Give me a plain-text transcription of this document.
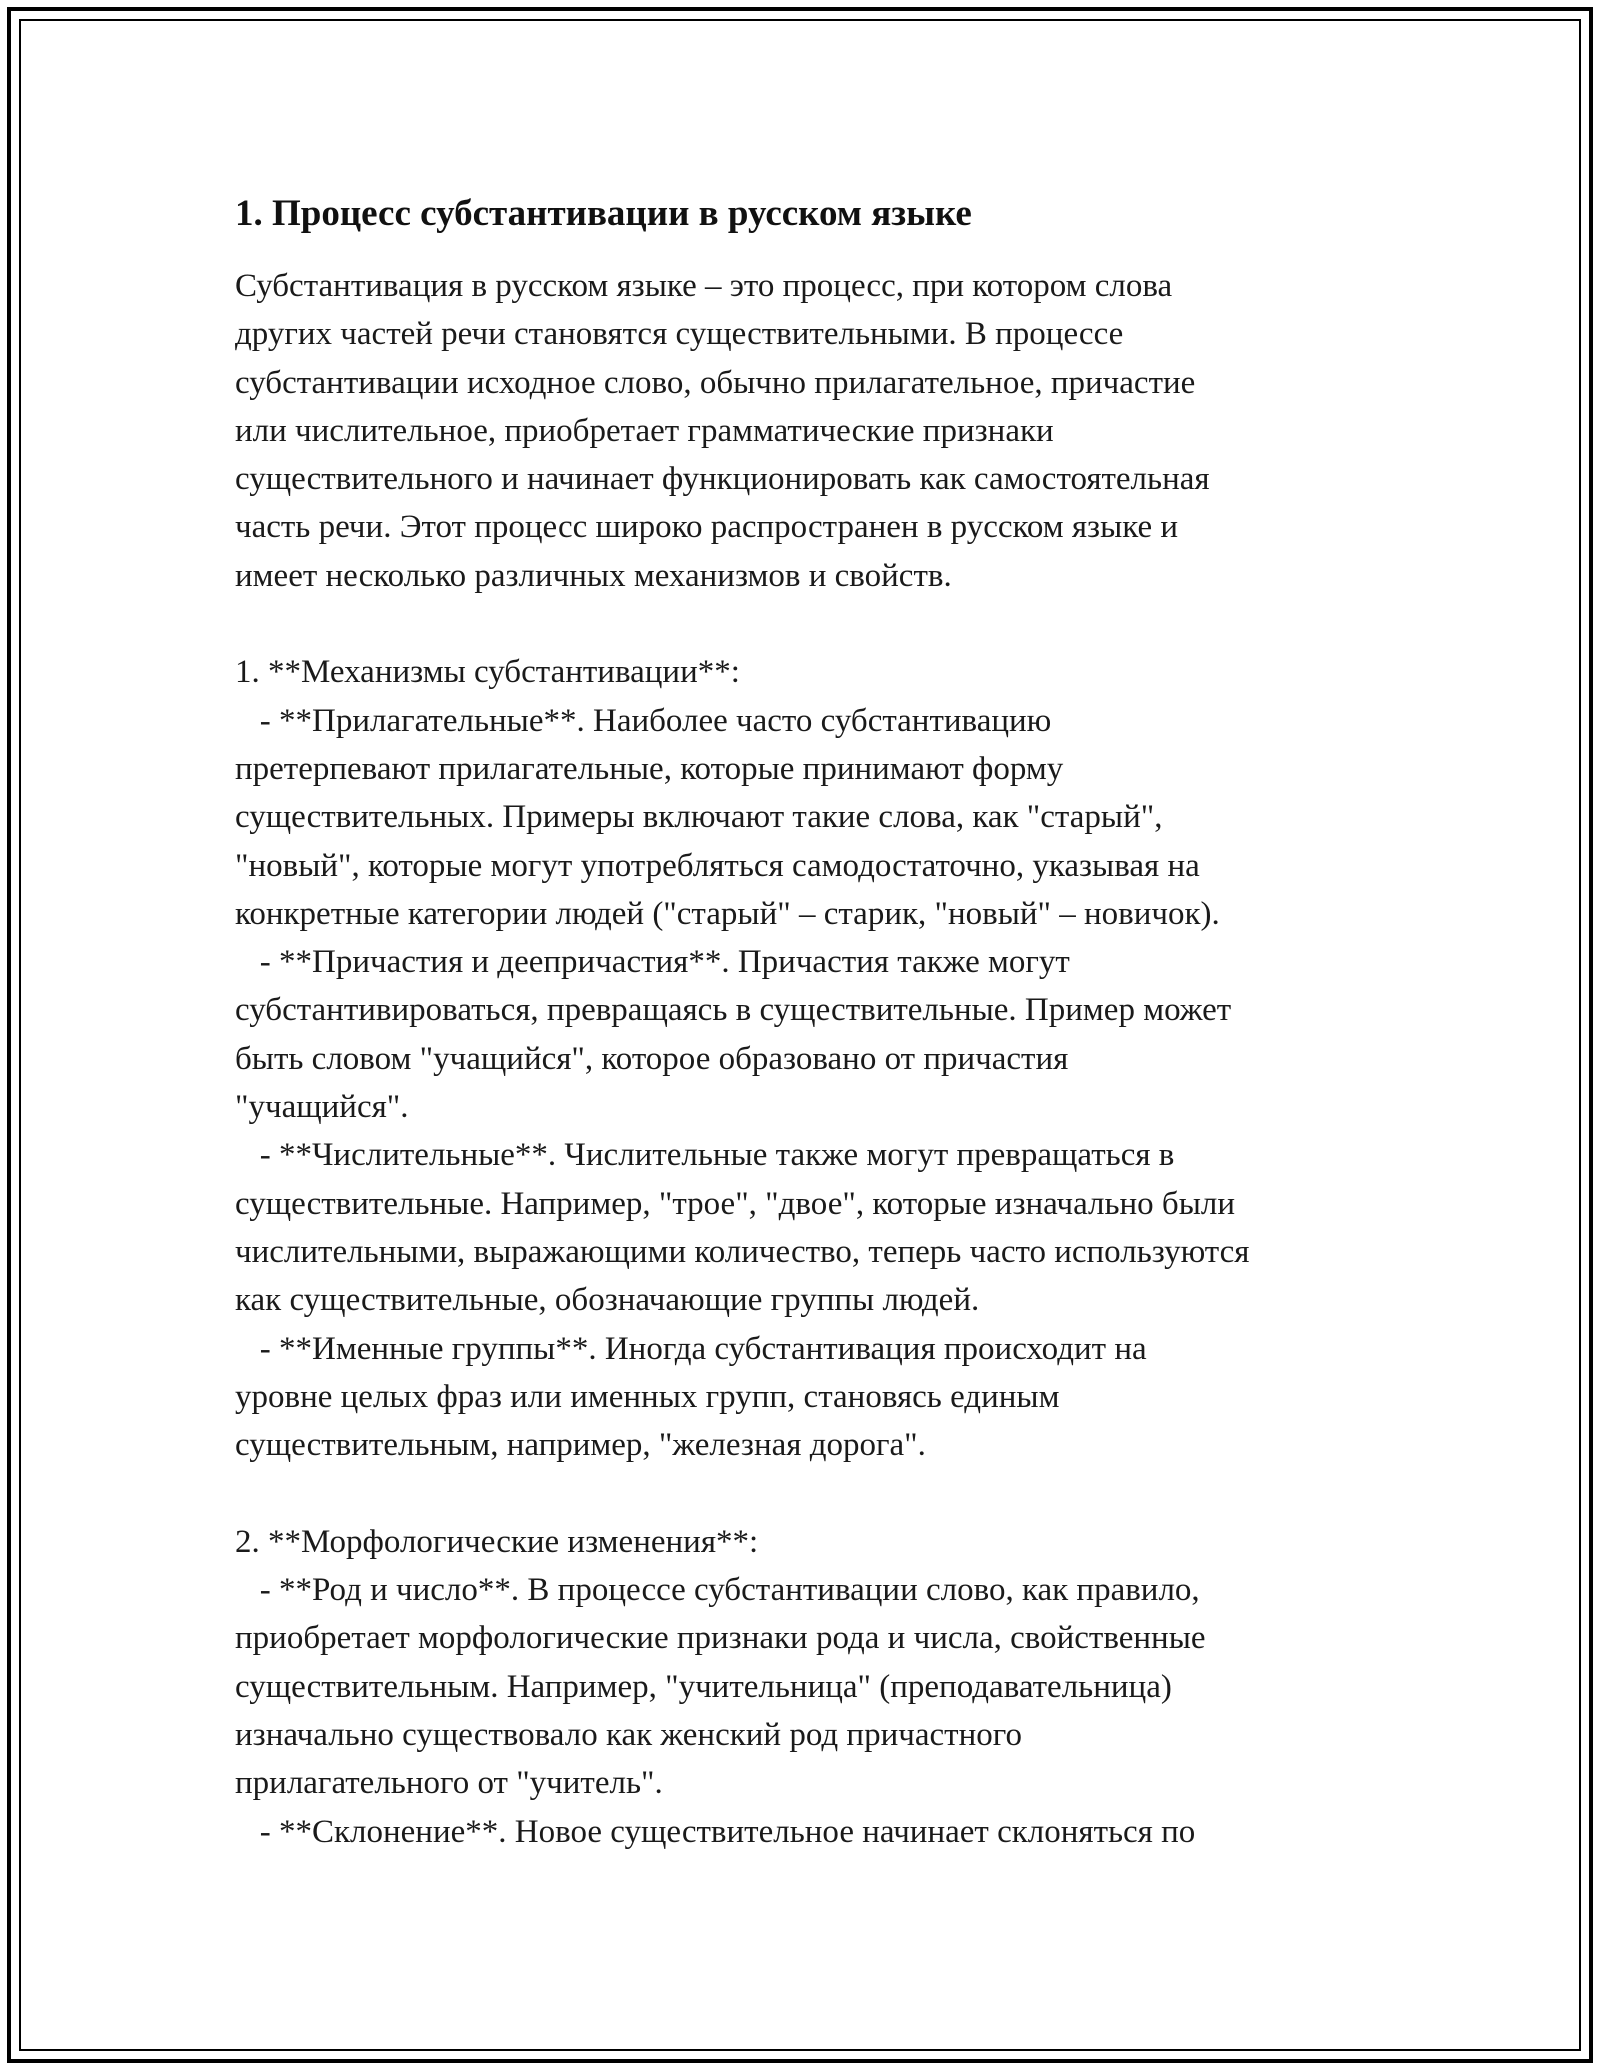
1. Процесс субстантивации в русском языке
Субстантивация в русском языке – это процесс, при котором слова
других частей речи становятся существительными. В процессе
субстантивации исходное слово, обычно прилагательное, причастие
или числительное, приобретает грамматические признаки
существительного и начинает функционировать как самостоятельная
часть речи. Этот процесс широко распространен в русском языке и
имеет несколько различных механизмов и свойств.
1. **Механизмы субстантивации**:
- **Прилагательные**. Наиболее часто субстантивацию
претерпевают прилагательные, которые принимают форму
существительных. Примеры включают такие слова, как "старый",
"новый", которые могут употребляться самодостаточно, указывая на
конкретные категории людей ("старый" – старик, "новый" – новичок).
- **Причастия и деепричастия**. Причастия также могут
субстантивироваться, превращаясь в существительные. Пример может
быть словом "учащийся", которое образовано от причастия
"учащийся".
- **Числительные**. Числительные также могут превращаться в
существительные. Например, "трое", "двое", которые изначально были
числительными, выражающими количество, теперь часто используются
как существительные, обозначающие группы людей.
- **Именные группы**. Иногда субстантивация происходит на
уровне целых фраз или именных групп, становясь единым
существительным, например, "железная дорога".
2. **Морфологические изменения**:
- **Род и число**. В процессе субстантивации слово, как правило,
приобретает морфологические признаки рода и числа, свойственные
существительным. Например, "учительница" (преподавательница)
изначально существовало как женский род причастного
прилагательного от "учитель".
- **Склонение**. Новое существительное начинает склоняться по
